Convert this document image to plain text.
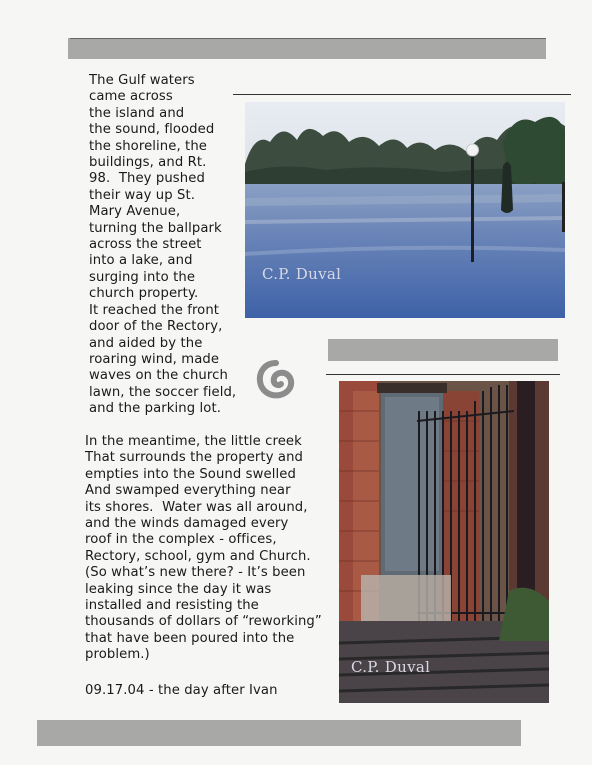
The Gulf waters
came across
the island and
the sound, flooded
the shoreline, the
buildings, and Rt.
98.  They pushed
their way up St.
Mary Avenue,
turning the ballpark
across the street
into a lake, and
surging into the
church property.
It reached the front
door of the Rectory,
and aided by the
roaring wind, made
waves on the church
lawn, the soccer field,
and the parking lot.
C.P. Duval
C.P. Duval
In the meantime, the little creek
That surrounds the property and
empties into the Sound swelled
And swamped everything near
its shores.  Water was all around,
and the winds damaged every
roof in the complex - offices,
Rectory, school, gym and Church.
(So what’s new there? - It’s been
leaking since the day it was
installed and resisting the
thousands of dollars of “reworking”
that have been poured into the
problem.)
09.17.04 - the day after Ivan
